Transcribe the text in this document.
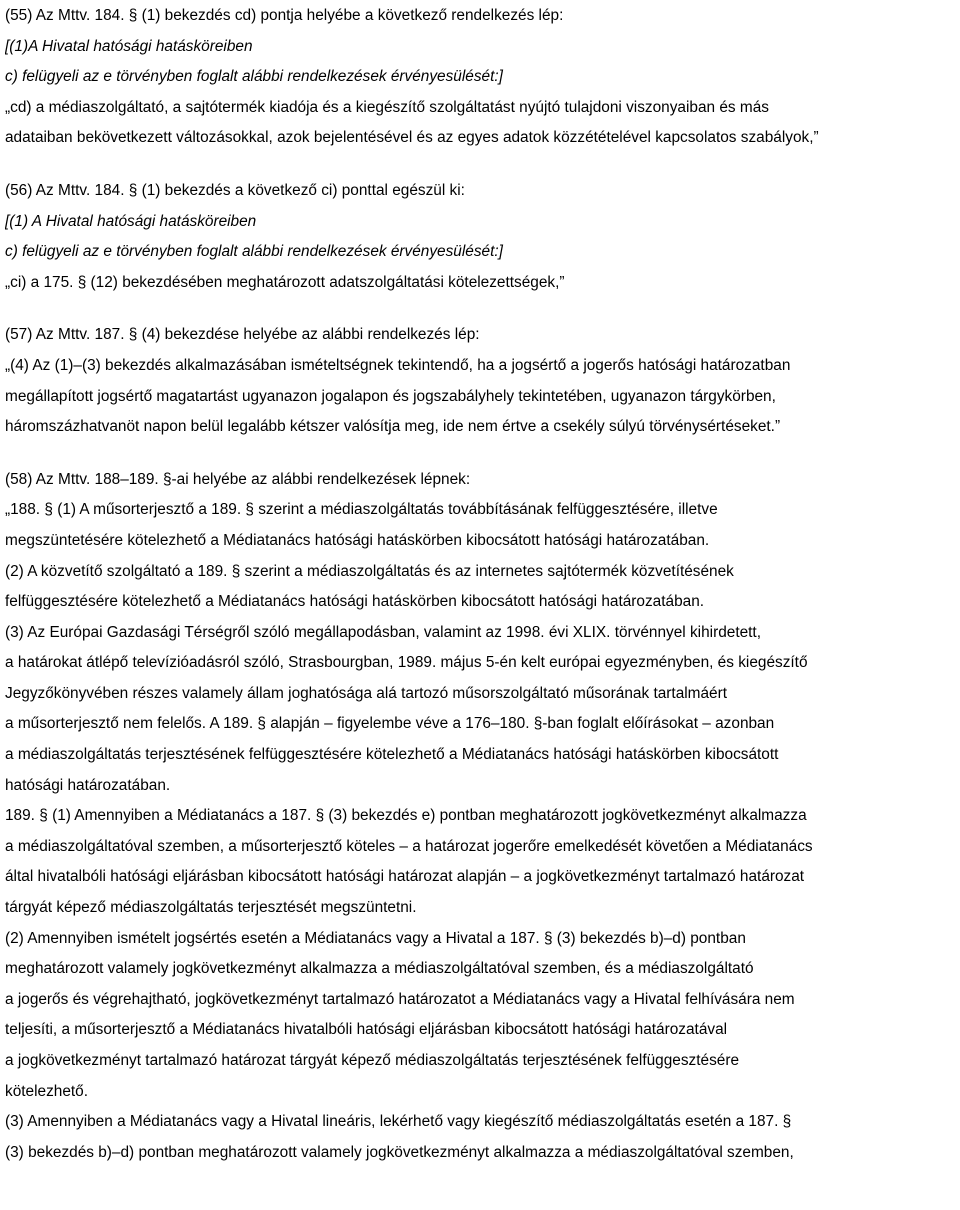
(55) Az Mttv. 184. § (1) bekezdés cd) pontja helyébe a következő rendelkezés lép:
[(1)A Hivatal hatósági hatásköreiben
c) felügyeli az e törvényben foglalt alábbi rendelkezések érvényesülését:]
„cd) a médiaszolgáltató, a sajtótermék kiadója és a kiegészítő szolgáltatást nyújtó tulajdoni viszonyaiban és más
adataiban bekövetkezett változásokkal, azok bejelentésével és az egyes adatok közzétételével kapcsolatos szabályok,”
(56) Az Mttv. 184. § (1) bekezdés a következő ci) ponttal egészül ki:
[(1) A Hivatal hatósági hatásköreiben
c) felügyeli az e törvényben foglalt alábbi rendelkezések érvényesülését:]
„ci) a 175. § (12) bekezdésében meghatározott adatszolgáltatási kötelezettségek,”
(57) Az Mttv. 187. § (4) bekezdése helyébe az alábbi rendelkezés lép:
„(4) Az (1)–(3) bekezdés alkalmazásában ismételtségnek tekintendő, ha a jogsértő a jogerős hatósági határozatban
megállapított jogsértő magatartást ugyanazon jogalapon és jogszabályhely tekintetében, ugyanazon tárgykörben,
háromszázhatvanöt napon belül legalább kétszer valósítja meg, ide nem értve a csekély súlyú törvénysértéseket.”
(58) Az Mttv. 188–189. §-ai helyébe az alábbi rendelkezések lépnek:
„188. § (1) A műsorterjesztő a 189. § szerint a médiaszolgáltatás továbbításának felfüggesztésére, illetve
megszüntetésére kötelezhető a Médiatanács hatósági hatáskörben kibocsátott hatósági határozatában.
(2) A közvetítő szolgáltató a 189. § szerint a médiaszolgáltatás és az internetes sajtótermék közvetítésének
felfüggesztésére kötelezhető a Médiatanács hatósági hatáskörben kibocsátott hatósági határozatában.
(3) Az Európai Gazdasági Térségről szóló megállapodásban, valamint az 1998. évi XLIX. törvénnyel kihirdetett,
a határokat átlépő televízióadásról szóló, Strasbourgban, 1989. május 5-én kelt európai egyezményben, és kiegészítő
Jegyzőkönyvében részes valamely állam joghatósága alá tartozó műsorszolgáltató műsorának tartalmáért
a műsorterjesztő nem felelős. A 189. § alapján – figyelembe véve a 176–180. §-ban foglalt előírásokat – azonban
a médiaszolgáltatás terjesztésének felfüggesztésére kötelezhető a Médiatanács hatósági hatáskörben kibocsátott
hatósági határozatában.
189. § (1) Amennyiben a Médiatanács a 187. § (3) bekezdés e) pontban meghatározott jogkövetkezményt alkalmazza
a médiaszolgáltatóval szemben, a műsorterjesztő köteles – a határozat jogerőre emelkedését követően a Médiatanács
által hivatalbóli hatósági eljárásban kibocsátott hatósági határozat alapján – a jogkövetkezményt tartalmazó határozat
tárgyát képező médiaszolgáltatás terjesztését megszüntetni.
(2) Amennyiben ismételt jogsértés esetén a Médiatanács vagy a Hivatal a 187. § (3) bekezdés b)–d) pontban
meghatározott valamely jogkövetkezményt alkalmazza a médiaszolgáltatóval szemben, és a médiaszolgáltató
a jogerős és végrehajtható, jogkövetkezményt tartalmazó határozatot a Médiatanács vagy a Hivatal felhívására nem
teljesíti, a műsorterjesztő a Médiatanács hivatalbóli hatósági eljárásban kibocsátott hatósági határozatával
a jogkövetkezményt tartalmazó határozat tárgyát képező médiaszolgáltatás terjesztésének felfüggesztésére
kötelezhető.
(3) Amennyiben a Médiatanács vagy a Hivatal lineáris, lekérhető vagy kiegészítő médiaszolgáltatás esetén a 187. §
(3) bekezdés b)–d) pontban meghatározott valamely jogkövetkezményt alkalmazza a médiaszolgáltatóval szemben,
